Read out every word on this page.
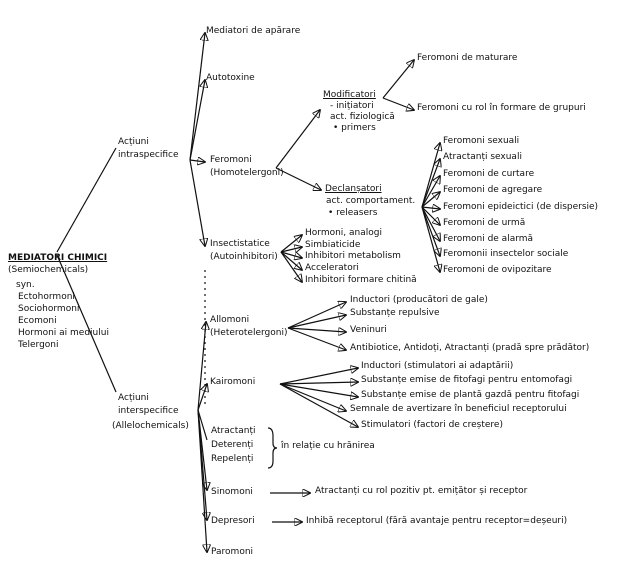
MEDIATORI CHIMICI
(Semiochemicals)
syn.
Ectohormoni
Sociohormoni
Ecomoni
Hormoni ai mediului
Telergoni
Acțiuni
intraspecifice
Mediatori de apărare
Autotoxine
Feromoni
(Homotelergoni)
Modificatori
- inițiatori
act. fiziologică
• primers
Feromoni de maturare
Feromoni cu rol în formare de grupuri
Declanșatori
act. comportament.
• releasers
Feromoni sexuali
Atractanți sexuali
Feromoni de curtare
Feromoni de agregare
Feromoni epideictici (de dispersie)
Feromoni de urmă
Feromoni de alarmă
Feromonii insectelor sociale
Feromoni de ovipozitare
Insectistatice
(Autoinhibitori)
Hormoni, analogi
Simbiaticide
Inhibitori metabolism
Acceleratori
Inhibitori formare chitină
Acțiuni
interspecifice
(Allelochemicals)
Allomoni
(Heterotelergoni)
Inductori (producători de gale)
Substanțe repulsive
Veninuri
Antibiotice, Antidoți, Atractanți (pradă spre prădător)
Kairomoni
Inductori (stimulatori ai adaptării)
Substanțe emise de fitofagi pentru entomofagi
Substanțe emise de plantă gazdă pentru fitofagi
Semnale de avertizare în beneficiul receptorului
Stimulatori (factori de creștere)
Atractanți
Deterenți
Repelenți
în relație cu hrănirea
Sinomoni	Atractanți cu rol pozitiv pt. emițător și receptor
Depresori	Inhibă receptorul (fără avantaje pentru receptor=deșeuri)
Paromoni
